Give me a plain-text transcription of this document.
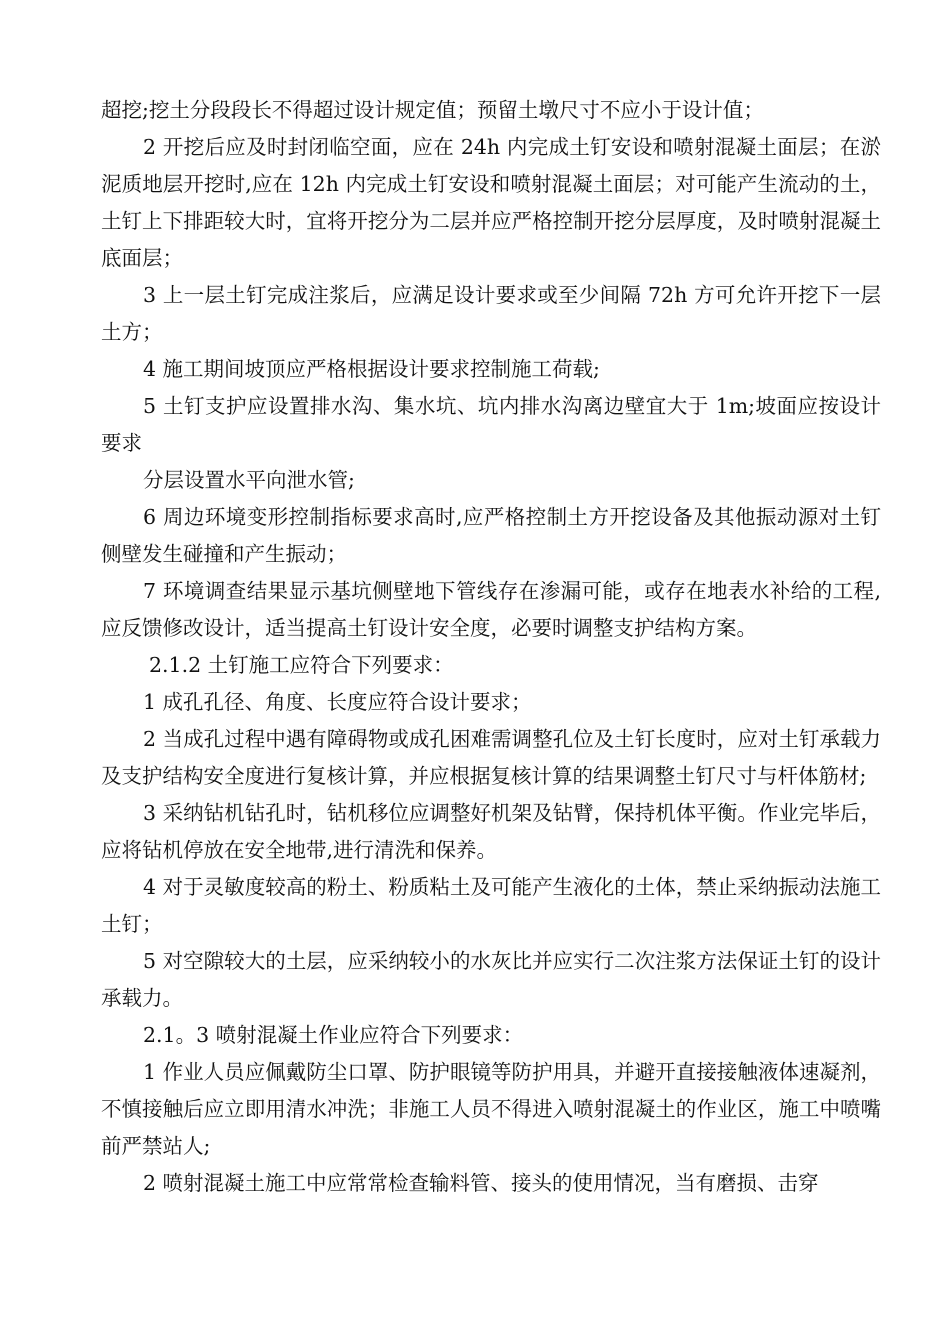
超挖;挖土分段段长不得超过设计规定值；预留土墩尺寸不应小于设计值；

2 开挖后应及时封闭临空面，应在 24h 内完成土钉安设和喷射混凝土面层；在淤泥质地层开挖时,应在 12h 内完成土钉安设和喷射混凝土面层；对可能产生流动的土，土钉上下排距较大时，宜将开挖分为二层并应严格控制开挖分层厚度，及时喷射混凝土底面层；

3 上一层土钉完成注浆后，应满足设计要求或至少间隔 72h 方可允许开挖下一层土方；

4 施工期间坡顶应严格根据设计要求控制施工荷载;

5 土钉支护应设置排水沟、集水坑、坑内排水沟离边壁宜大于 1m;坡面应按设计要求

分层设置水平向泄水管;

6 周边环境变形控制指标要求高时,应严格控制土方开挖设备及其他振动源对土钉侧壁发生碰撞和产生振动；

7 环境调查结果显示基坑侧壁地下管线存在渗漏可能，或存在地表水补给的工程,应反馈修改设计，适当提高土钉设计安全度，必要时调整支护结构方案。

2.1.2 土钉施工应符合下列要求：

1 成孔孔径、角度、长度应符合设计要求；

2 当成孔过程中遇有障碍物或成孔困难需调整孔位及土钉长度时，应对土钉承载力及支护结构安全度进行复核计算，并应根据复核计算的结果调整土钉尺寸与杆体筋材;

3 采纳钻机钻孔时，钻机移位应调整好机架及钻臂，保持机体平衡。作业完毕后，应将钻机停放在安全地带,进行清洗和保养。

4 对于灵敏度较高的粉土、粉质粘土及可能产生液化的土体，禁止采纳振动法施工土钉；

5 对空隙较大的土层，应采纳较小的水灰比并应实行二次注浆方法保证土钉的设计承载力。

2.1。3 喷射混凝土作业应符合下列要求：

1 作业人员应佩戴防尘口罩、防护眼镜等防护用具，并避开直接接触液体速凝剂，不慎接触后应立即用清水冲洗；非施工人员不得进入喷射混凝土的作业区，施工中喷嘴前严禁站人;

2 喷射混凝土施工中应常常检查输料管、接头的使用情况，当有磨损、击穿
